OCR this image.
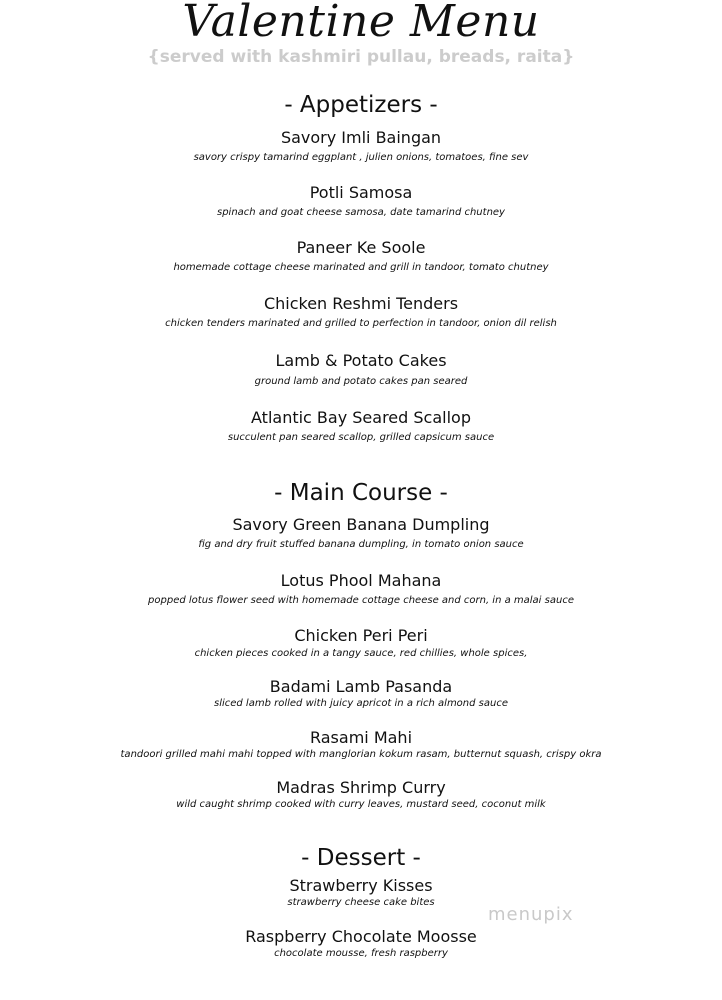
Valentine Menu
{served with kashmiri pullau, breads, raita}
- Appetizers -
Savory Imli Baingan
savory crispy tamarind eggplant , julien onions, tomatoes, fine sev
Potli Samosa
spinach and goat cheese samosa, date tamarind chutney
Paneer Ke Soole
homemade cottage cheese marinated and grill in tandoor, tomato chutney
Chicken Reshmi Tenders
chicken tenders marinated and grilled to perfection in tandoor, onion dil relish
Lamb & Potato Cakes
ground lamb and potato cakes pan seared
Atlantic Bay Seared Scallop
succulent pan seared scallop, grilled capsicum sauce
- Main Course -
Savory Green Banana Dumpling
fig and dry fruit stuffed banana dumpling, in tomato onion sauce
Lotus Phool Mahana
popped lotus flower seed with homemade cottage cheese and corn, in a malai sauce
Chicken Peri Peri
chicken pieces cooked in a tangy sauce, red chillies, whole spices,
Badami Lamb Pasanda
sliced lamb rolled with juicy apricot in a rich almond sauce
Rasami Mahi
tandoori grilled mahi mahi topped with manglorian kokum rasam, butternut squash, crispy okra
Madras Shrimp Curry
wild caught shrimp cooked with curry leaves, mustard seed, coconut milk
- Dessert -
Strawberry Kisses
strawberry cheese cake bites
Raspberry Chocolate Moosse
chocolate mousse, fresh raspberry
menupix
